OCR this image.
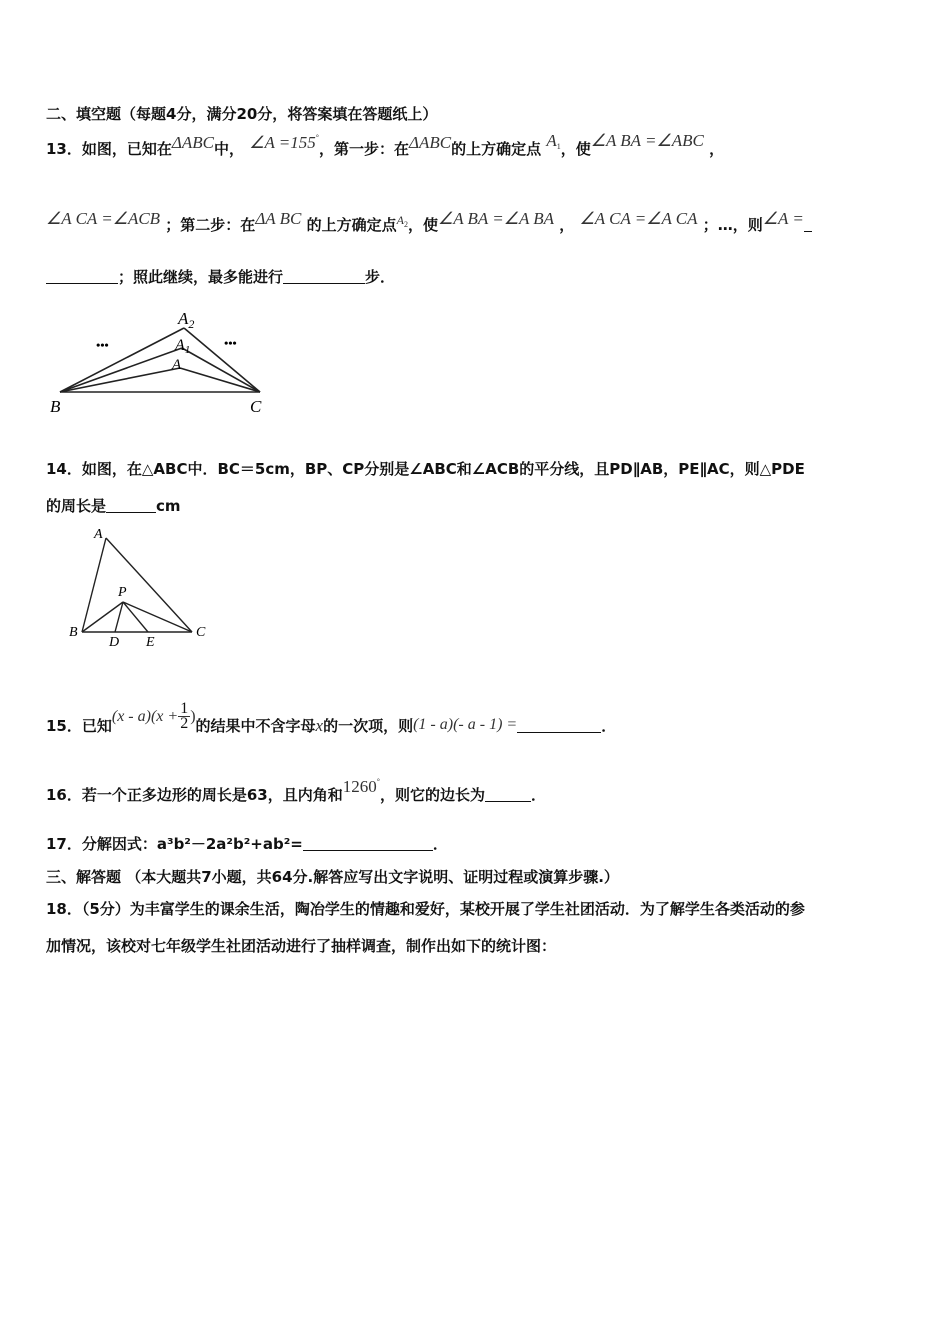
二、填空题（每题4分，满分20分，将答案填在答题纸上）
13．如图，已知在ΔABC中， ∠A =155°，第一步：在ΔABC的上方确定点 $A_1$，使∠A BA =∠ABC ，
∠A CA =∠ACB ；第二步：在ΔA BC 的上方确定点$^{A_2}$，使∠A BA =∠A BA ， ∠A CA =∠A CA ；…，则∠A =
；照此继续，最多能进行	步．
$A_2$
A1
A
B	C
•••	•••
14．如图，在△ABC中．BC＝5cm，BP、CP分别是∠ABC和∠ACB的平分线，且PD∥AB，PE∥AC，则△PDE
的周长是	cm
A
P
B
D E
C
15．已知$(x - a)(x + \frac{1}{2}$ )的结果中不含字母x的一次项，则(1 - a)(- a - 1) =	．
16．若一个正多边形的周长是63，且内角和1260°，则它的边长为	．
17．分解因式：a³b²－2a²b²+ab²=	．
三、解答题 （本大题共7小题，共64分.解答应写出文字说明、证明过程或演算步骤.）
18．（5分）为丰富学生的课余生活，陶冶学生的情趣和爱好，某校开展了学生社团活动．为了解学生各类活动的参
加情况，该校对七年级学生社团活动进行了抽样调查，制作出如下的统计图：
